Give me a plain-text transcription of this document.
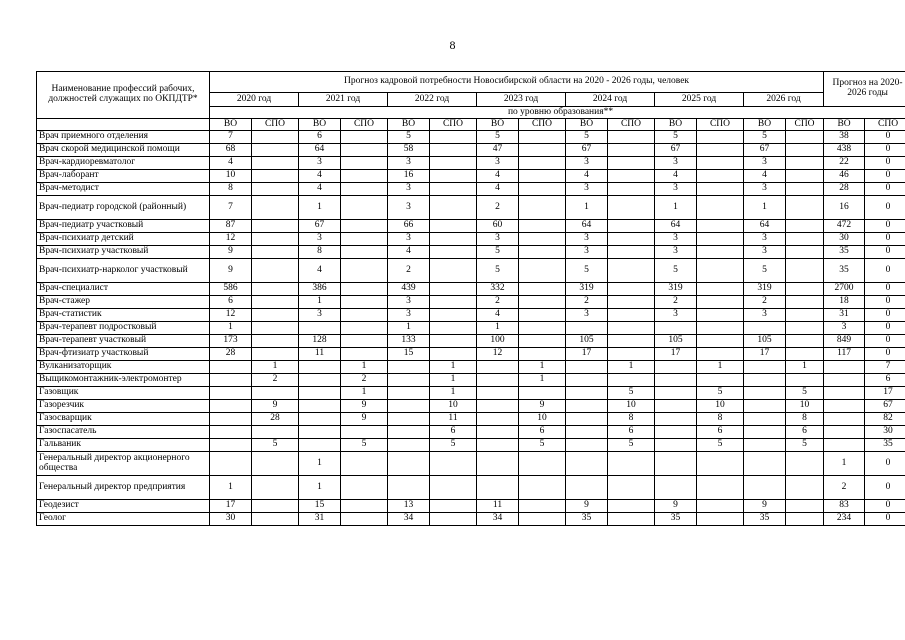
8
Наименование профессий рабочих, должностей служащих по ОКПДТР*	Прогноз кадровой потребности Новосибирской области на 2020 - 2026 годы, человек														Прогноз на 2020-2026 годы	
	2020 год		2021 год		2022 год		2023 год		2024 год		2025 год		2026 год			
	по уровню образования**															
	ВО	СПО	ВО	СПО	ВО	СПО	ВО	СПО	ВО	СПО	ВО	СПО	ВО	СПО	ВО	СПО
Врач приемного отделения	7		6		5		5		5		5		5		38	0
Врач скорой медицинской помощи	68		64		58		47		67		67		67		438	0
Врач-кардиоревматолог	4		3		3		3		3		3		3		22	0
Врач-лаборант	10		4		16		4		4		4		4		46	0
Врач-методист	8		4		3		4		3		3		3		28	0
Врач-педиатр городской (районный)	7		1		3		2		1		1		1		16	0
Врач-педиатр участковый	87		67		66		60		64		64		64		472	0
Врач-психиатр детский	12		3		3		3		3		3		3		30	0
Врач-психиатр участковый	9		8		4		5		3		3		3		35	0
Врач-психиатр-нарколог участковый	9		4		2		5		5		5		5		35	0
Врач-специалист	586		386		439		332		319		319		319		2700	0
Врач-стажер	6		1		3		2		2		2		2		18	0
Врач-статистик	12		3		3		4		3		3		3		31	0
Врач-терапевт подростковый	1				1		1								3	0
Врач-терапевт участковый	173		128		133		100		105		105		105		849	0
Врач-фтизиатр участковый	28		11		15		12		17		17		17		117	0
Вулканизаторщик		1		1		1		1		1		1		1		7
Выщикомонтажник-электромонтер		2		2		1		1								6
Газовщик				1		1				5		5		5		17
Газорезчик		9		9		10		9		10		10		10		67
Газосварщик		28		9		11		10		8		8		8		82
Газоспасатель						6		6		6		6		6		30
Гальваник		5		5		5		5		5		5		5		35
Генеральный директор акционерного общества			1												1	0
Генеральный директор предприятия	1		1												2	0
Геодезист	17		15		13		11		9		9		9		83	0
Геолог	30		31		34		34		35		35		35		234	0
